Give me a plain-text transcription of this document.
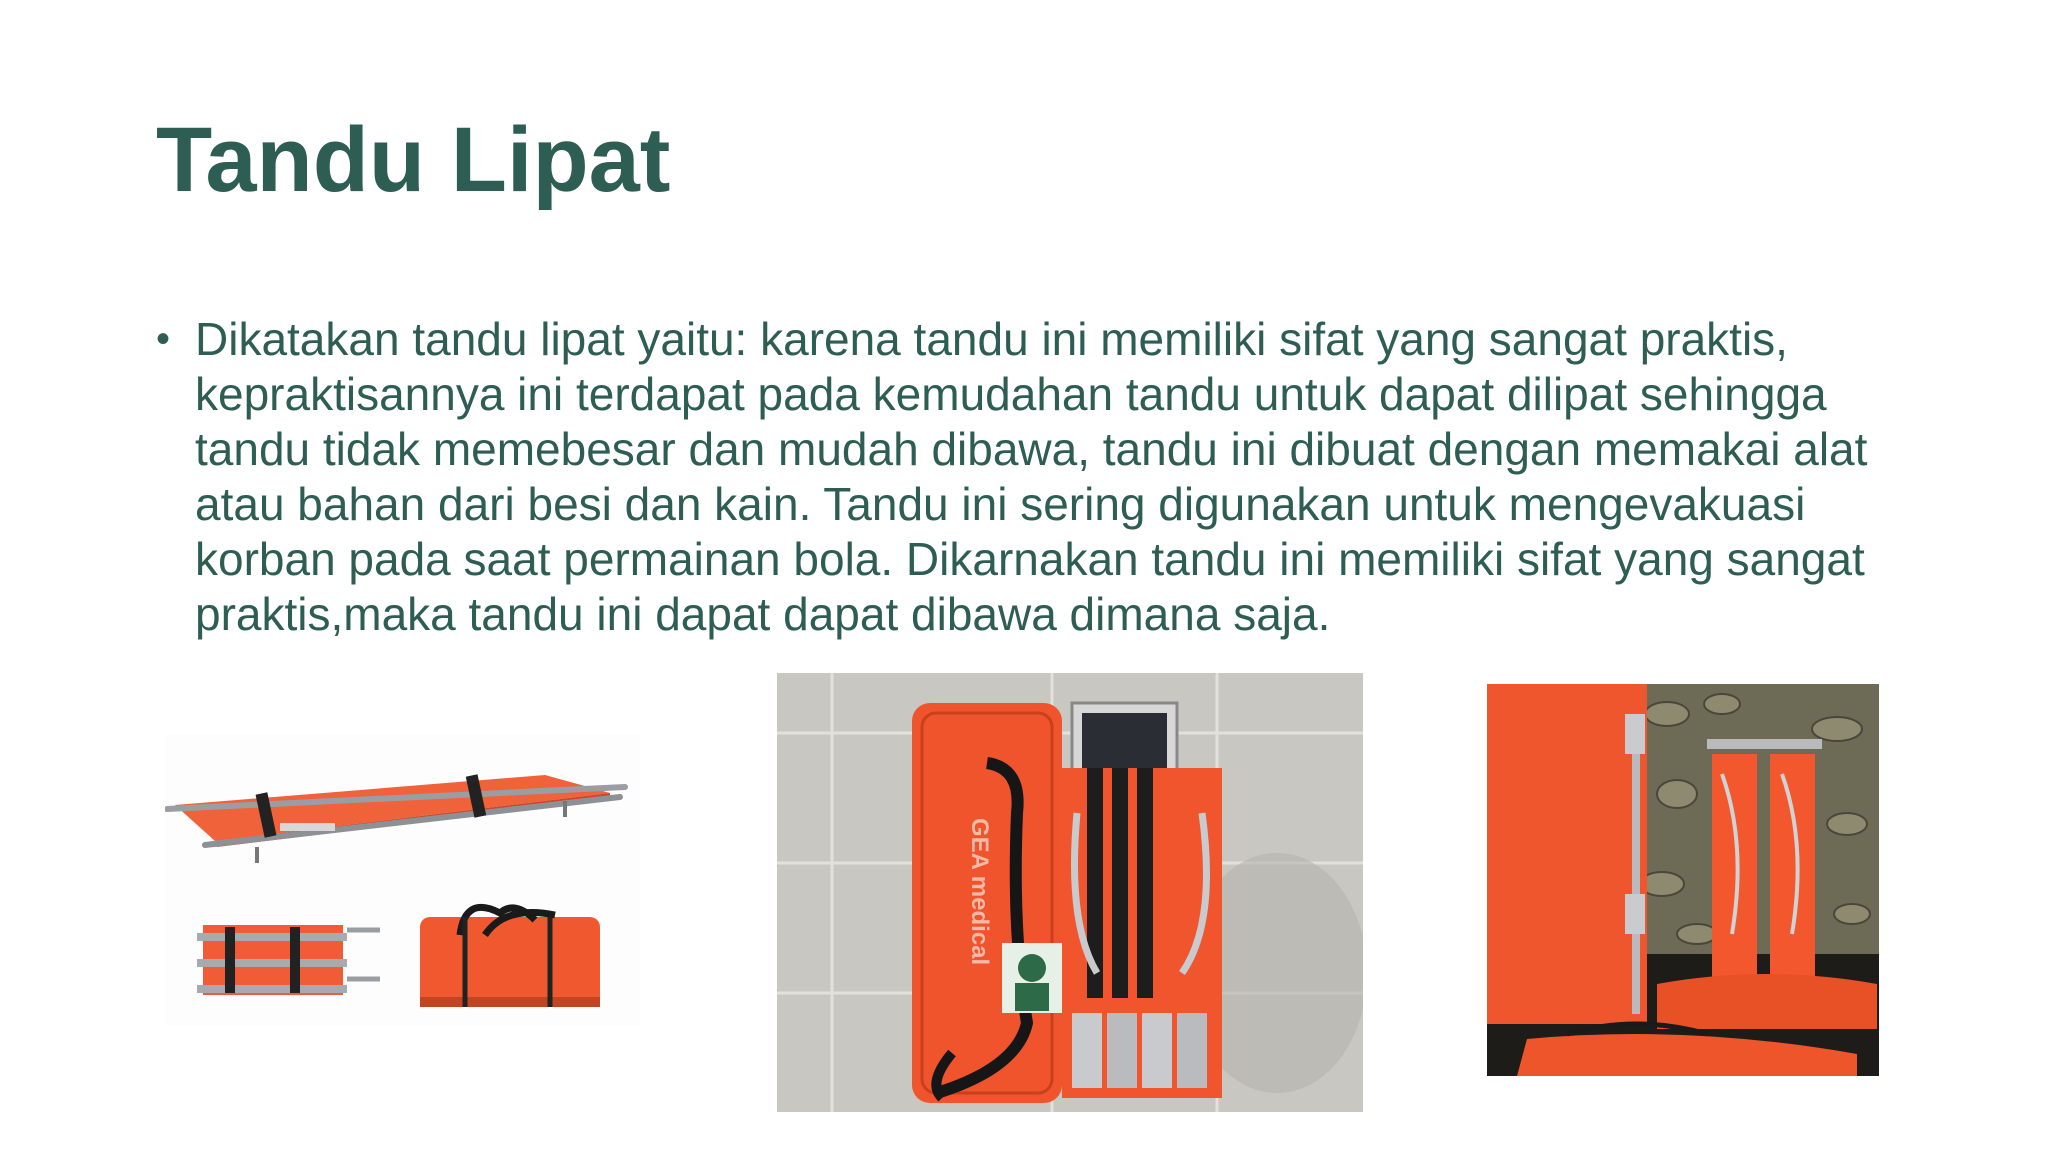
Tandu Lipat
• Dikatakan tandu lipat yaitu: karena tandu ini memiliki sifat yang sangat praktis, kepraktisannya ini terdapat pada kemudahan tandu untuk dapat dilipat sehingga tandu tidak memebesar dan mudah dibawa, tandu ini dibuat dengan memakai alat atau bahan dari besi dan kain. Tandu ini sering digunakan untuk mengevakuasi korban pada saat permainan bola. Dikarnakan tandu ini memiliki sifat yang sangat praktis,maka tandu ini dapat dapat dibawa dimana saja.
GEA medical
